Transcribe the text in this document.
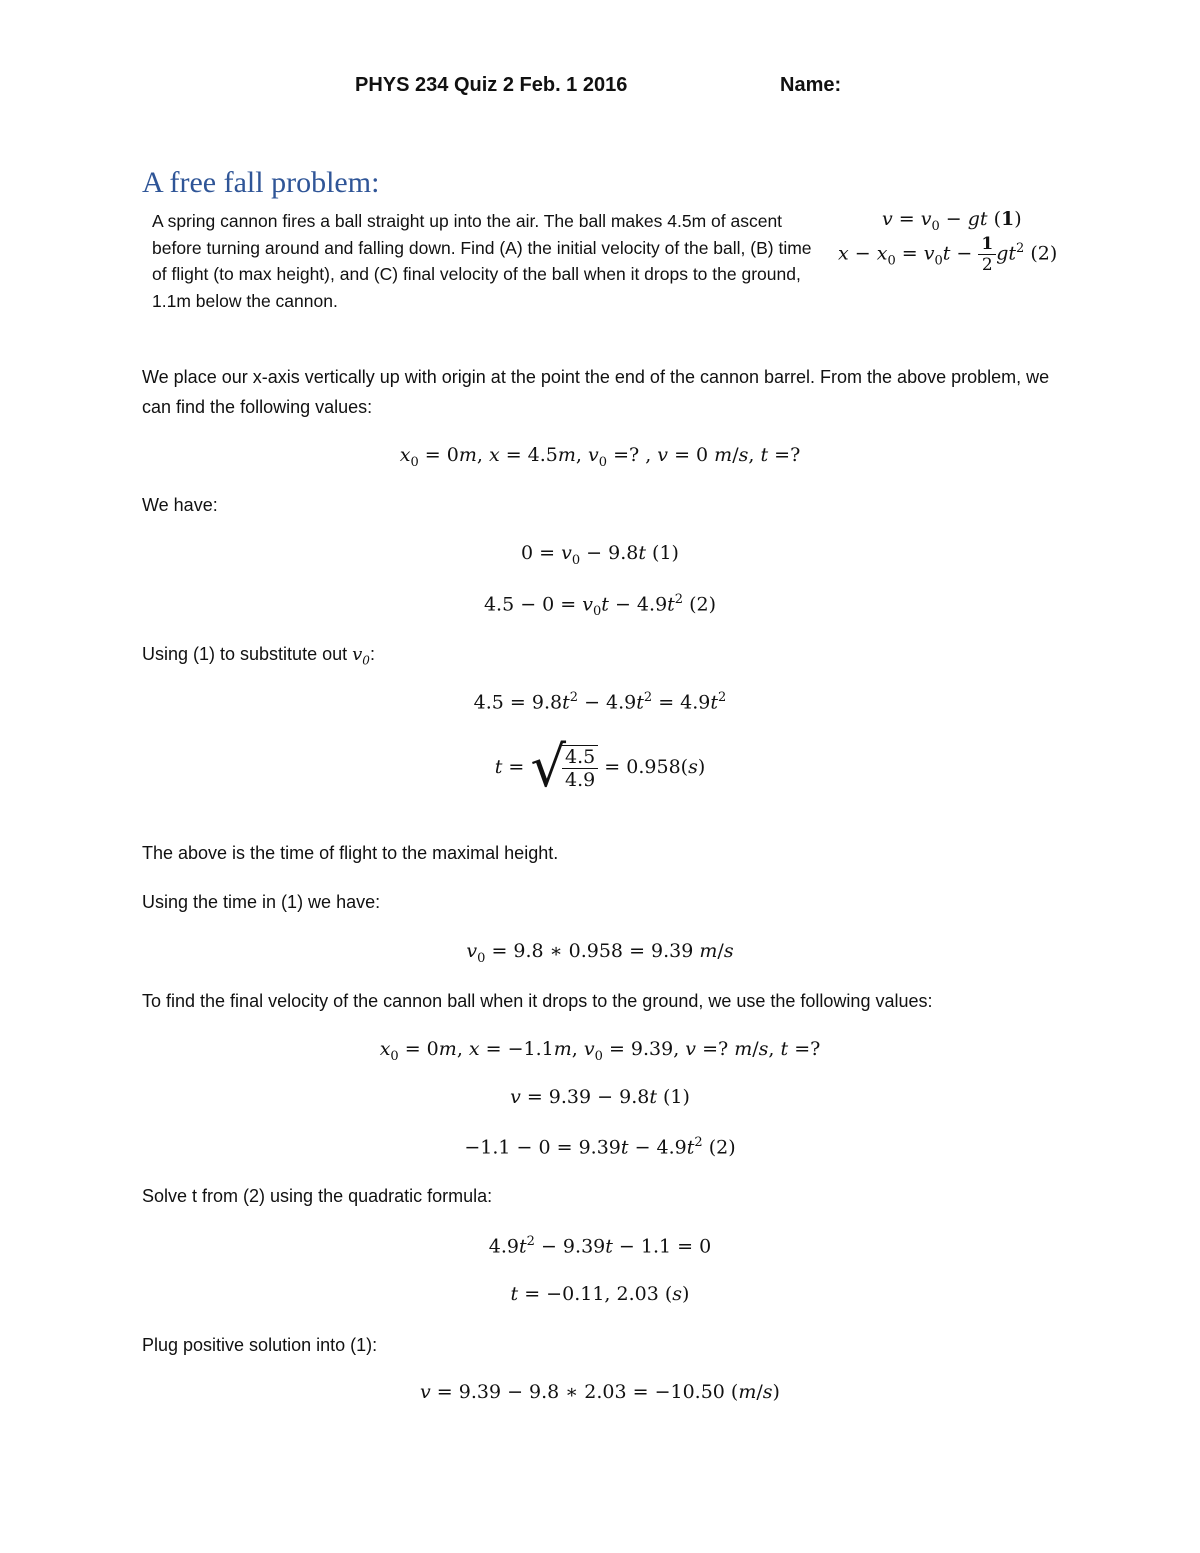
PHYS 234 Quiz 2 Feb. 1 2016	Name:
A free fall problem:
A spring cannon fires a ball straight up into the air. The ball makes 4.5m of ascent before turning around and falling down. Find (A) the initial velocity of the ball, (B) time of flight (to max height), and (C) final velocity of the ball when it drops to the ground, 1.1m below the cannon.
$v = v_0$ − gt (1)
$x - x_0 = v_0t - \frac{1}{2} gt^2$ (2)
We place our x-axis vertically up with origin at the point the end of the cannon barrel. From the above problem, we can find the following values:
$x_0 = 0m$, x = 4.5m, $v_0$ =? , v = 0 m/s, t =?
We have:
$0 = v_0 - 9.8t$ (1)
$4.5 - 0 = v_0t - 4.9t^2$ (2)
Using (1) to substitute out $v_0$:
$4.5 = 9.8t^2 - 4.9t^2 = 4.9t^2$
t = √
$\frac{4.5}{4.9} = 0.958(s)$
The above is the time of flight to the maximal height.
Using the time in (1) we have:
$v_0 = 9.8$ ∗ 0.958 = 9.39 m/s
To find the final velocity of the cannon ball when it drops to the ground, we use the following values:
$x_0 = 0m$, x = −1.1m, $v_0 = 9.39$, v =? m/s, t =?
v = 9.39 − 9.8t (1)
$-1.1 - 0 = 9.39t - 4.9t^2$ (2)
Solve t from (2) using the quadratic formula:
$4.9t^2 - 9.39t - 1.1 = 0$
t = −0.11, 2.03 (s)
Plug positive solution into (1):
v = 9.39 − 9.8 ∗ 2.03 = −10.50 (m/s)
